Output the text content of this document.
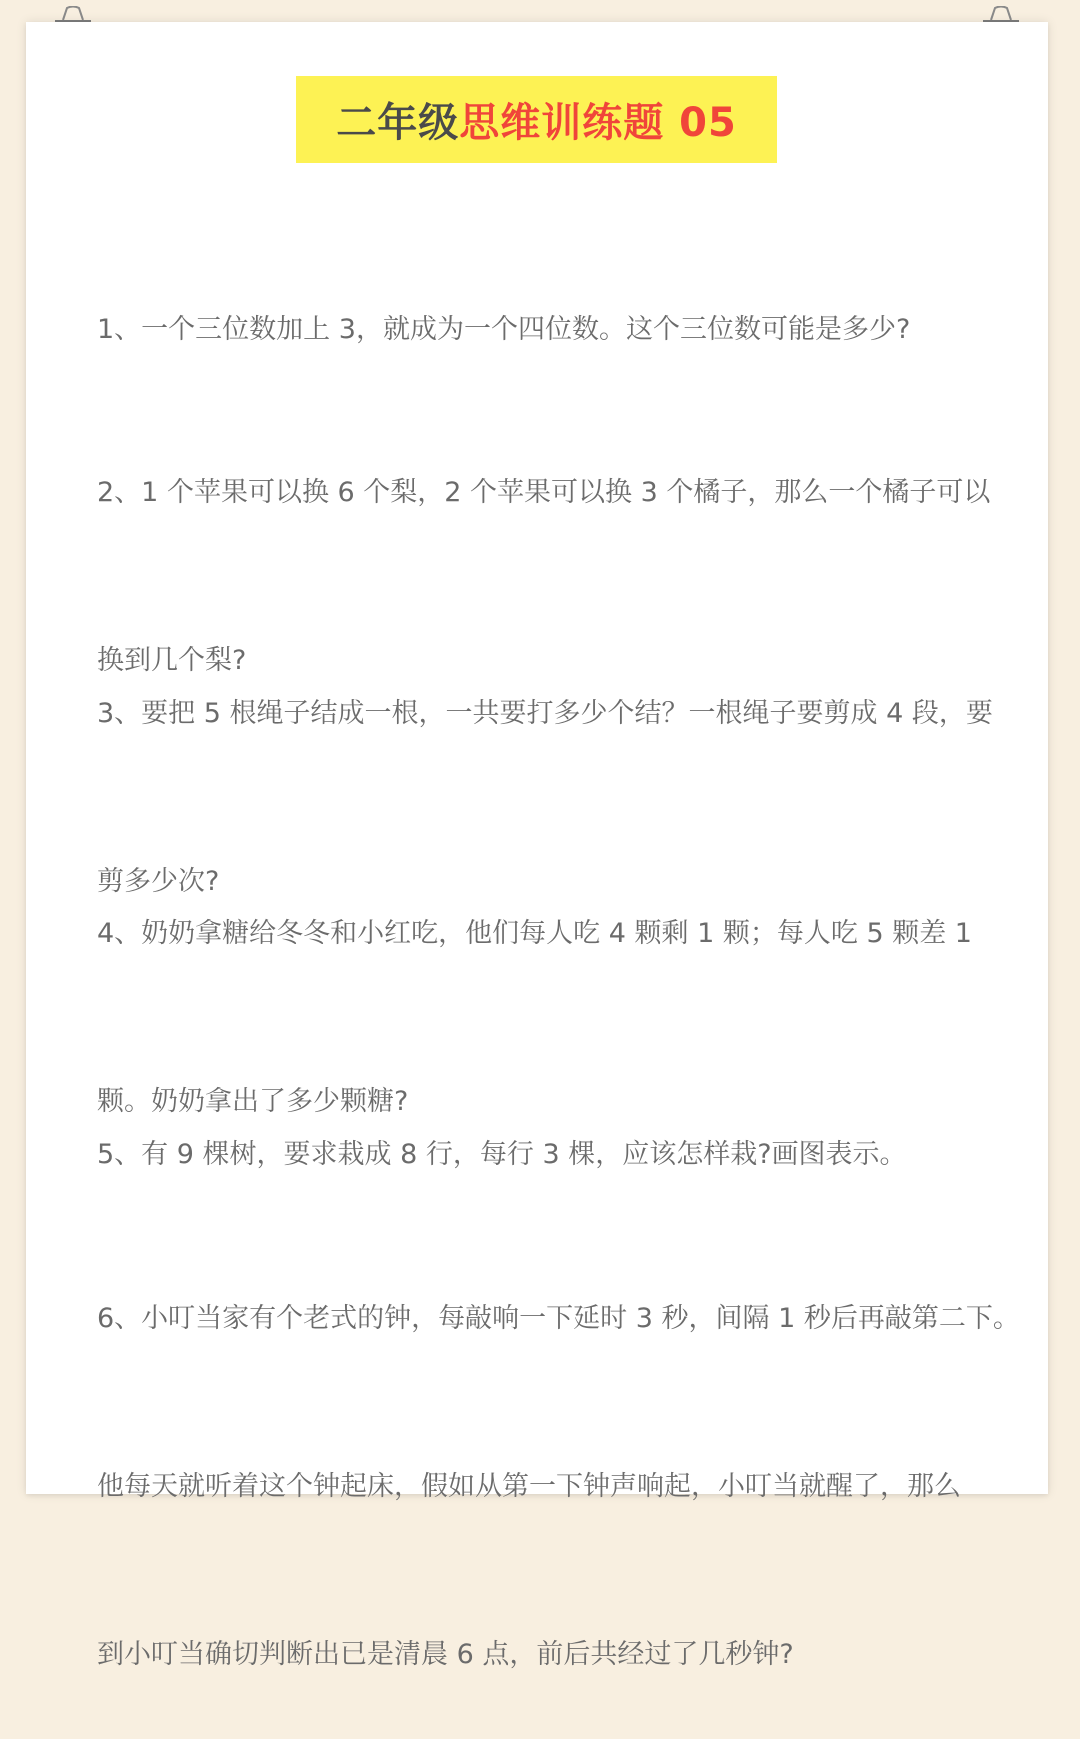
二年级思维训练题 05

1、一个三位数加上 3，就成为一个四位数。这个三位数可能是多少?

2、1 个苹果可以换 6 个梨，2 个苹果可以换 3 个橘子，那么一个橘子可以

换到几个梨?

3、要把 5 根绳子结成一根，一共要打多少个结？一根绳子要剪成 4 段，要

剪多少次?

4、奶奶拿糖给冬冬和小红吃，他们每人吃 4 颗剩 1 颗；每人吃 5 颗差 1

颗。奶奶拿出了多少颗糖?

5、有 9 棵树，要求栽成 8 行，每行 3 棵，应该怎样栽?画图表示。

6、小叮当家有个老式的钟，每敲响一下延时 3 秒，间隔 1 秒后再敲第二下。

他每天就听着这个钟起床，假如从第一下钟声响起，小叮当就醒了，那么

到小叮当确切判断出已是清晨 6 点，前后共经过了几秒钟?
